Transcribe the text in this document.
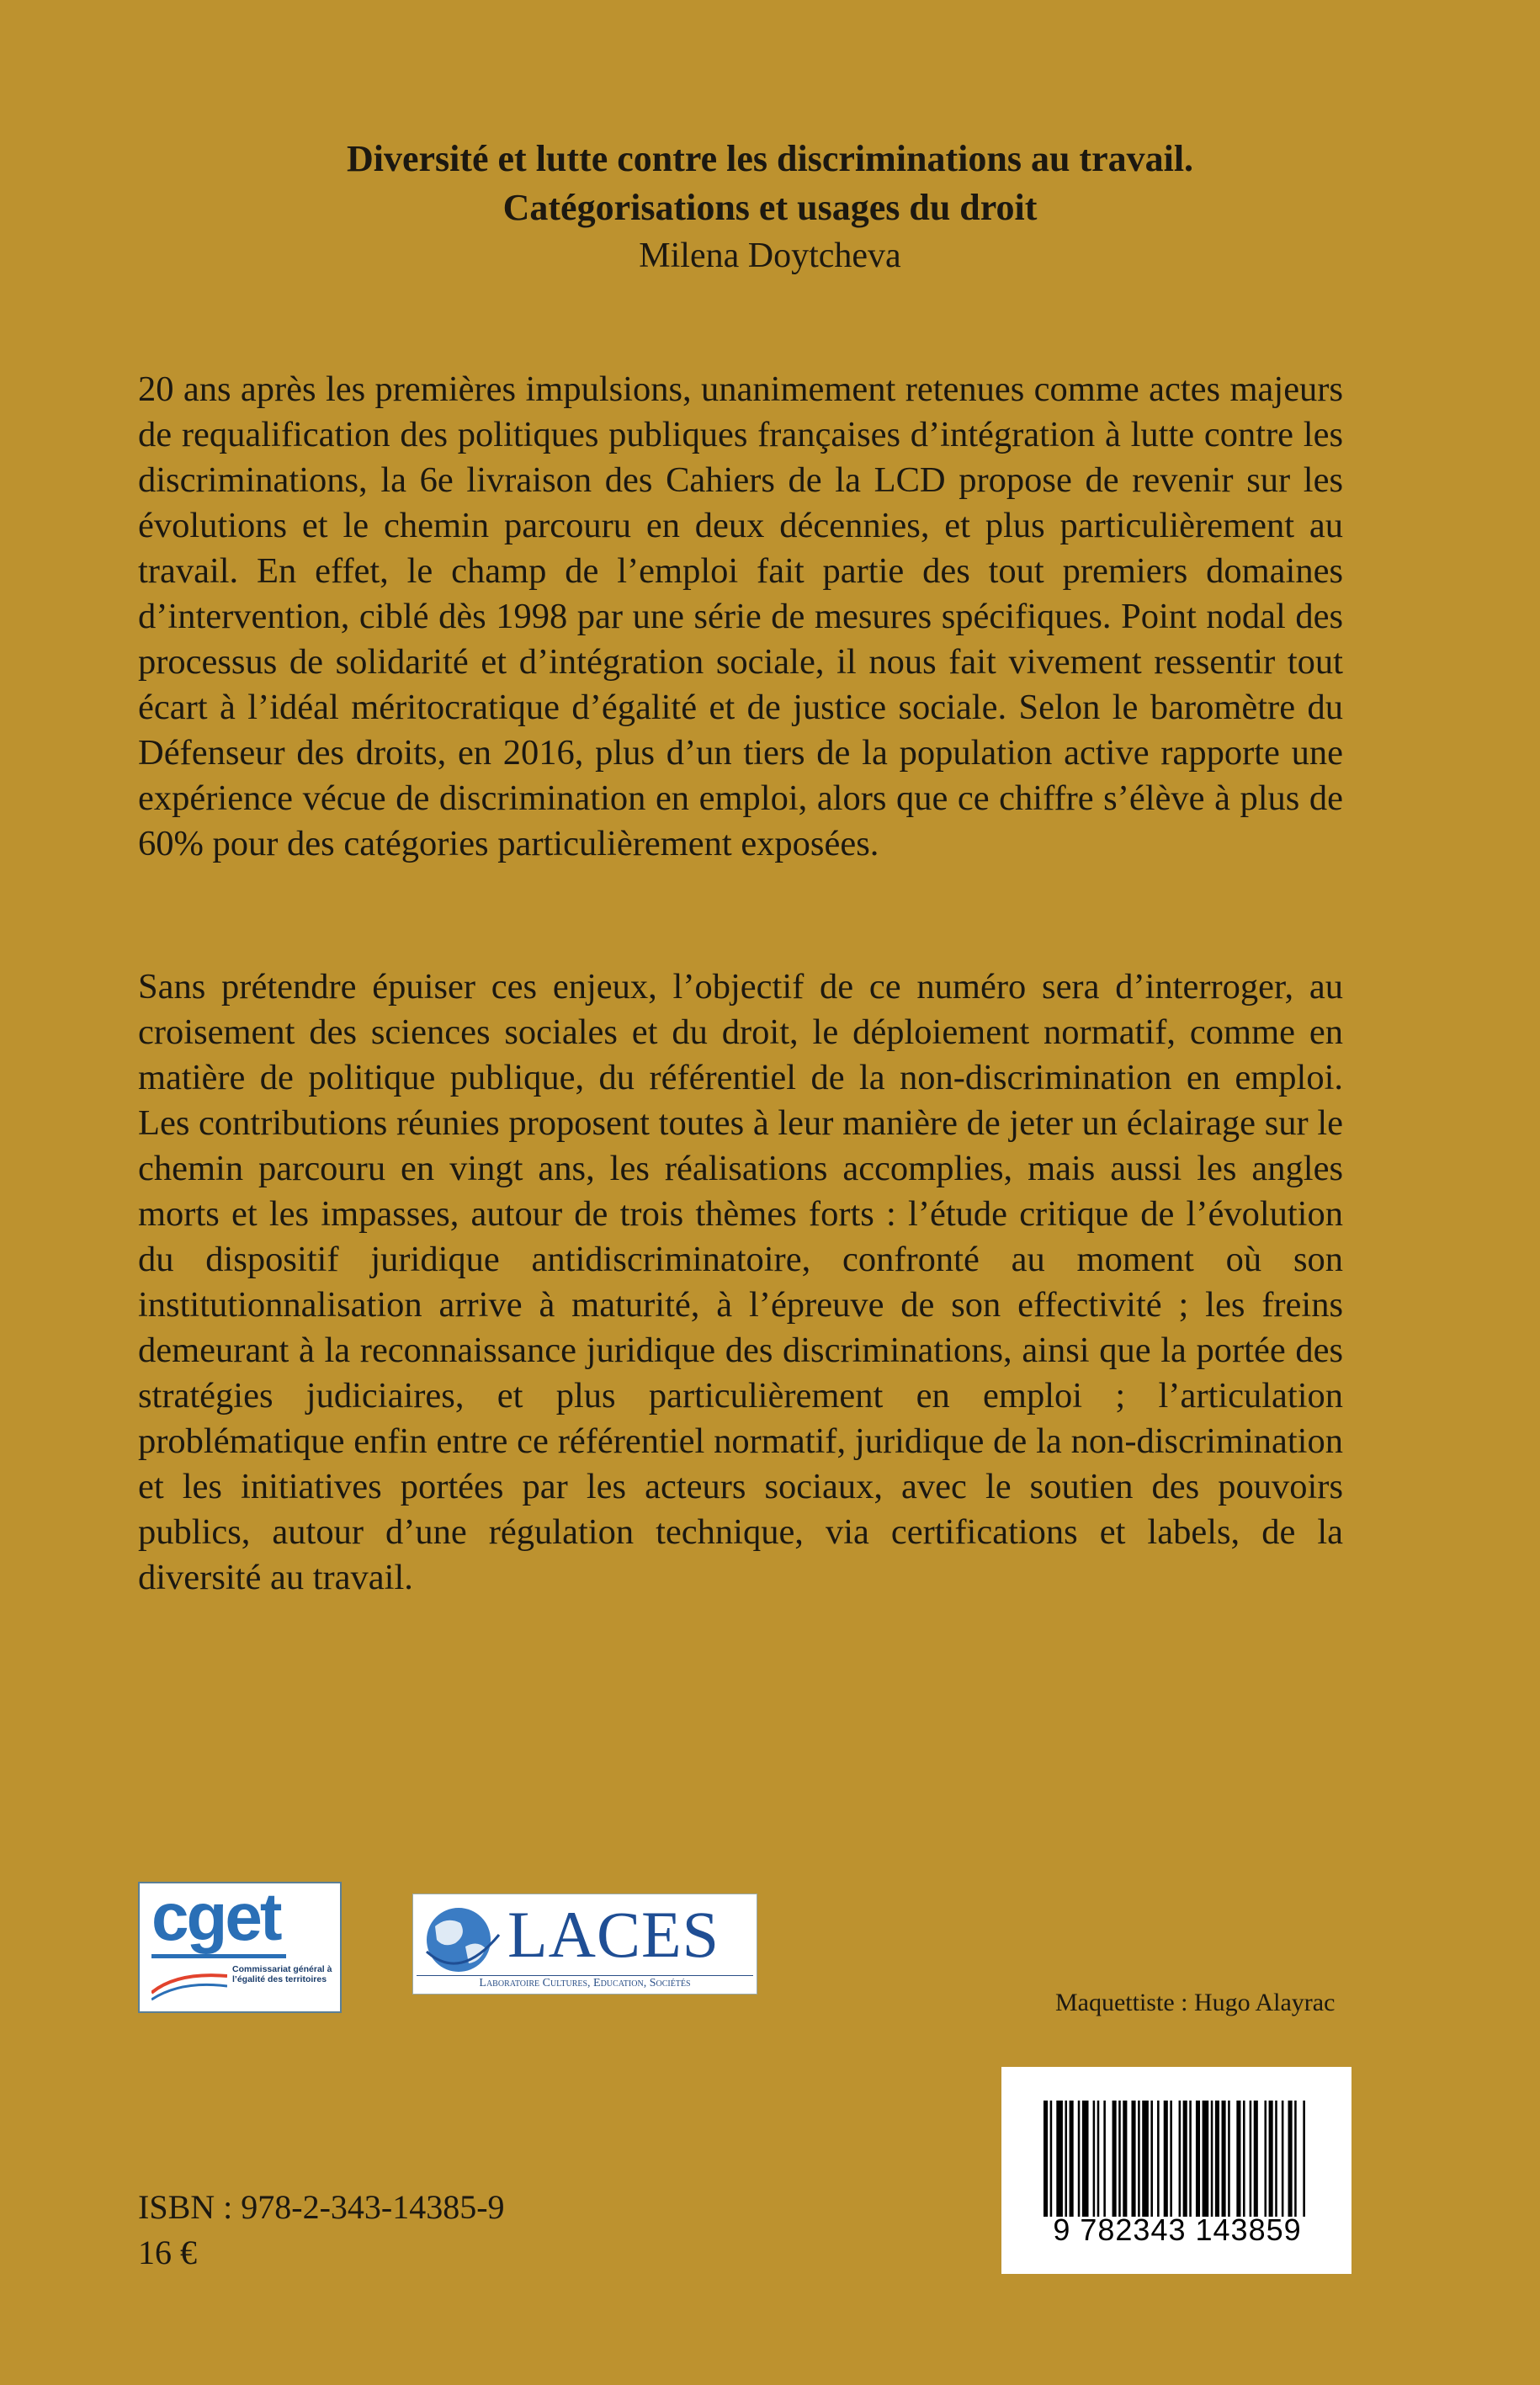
Diversité et lutte contre les discriminations au travail.

Catégorisations et usages du droit

Milena Doytcheva

20 ans après les premières impulsions, unanimement retenues comme actes majeurs de requalification des politiques publiques françaises d’intégration à lutte contre les discriminations, la 6e livraison des Cahiers de la LCD propose de revenir sur les évolutions et le chemin parcouru en deux décennies, et plus particulièrement au travail. En effet, le champ de l’emploi fait partie des tout premiers domaines d’intervention, ciblé dès 1998 par une série de mesures spécifiques. Point nodal des processus de solidarité et d’intégration sociale, il nous fait vivement ressentir tout écart à l’idéal méritocratique d’égalité et de justice sociale. Selon le baromètre du Défenseur des droits, en 2016, plus d’un tiers de la population active rapporte une expérience vécue de discrimination en emploi, alors que ce chiffre s’élève à plus de 60% pour des catégories particulièrement exposées.

Sans prétendre épuiser ces enjeux, l’objectif de ce numéro sera d’interroger, au croisement des sciences sociales et du droit, le déploiement normatif, comme en matière de politique publique, du référentiel de la non-discrimination en emploi. Les contributions réunies proposent toutes à leur manière de jeter un éclairage sur le chemin parcouru en vingt ans, les réalisations accomplies, mais aussi les angles morts et les impasses, autour de trois thèmes forts : l’étude critique de l’évolution du dispositif juridique antidiscriminatoire, confronté au moment où son institutionnalisation arrive à maturité, à l’épreuve de son effectivité ; les freins demeurant à la reconnaissance juridique des discriminations, ainsi que la portée des stratégies judiciaires, et plus particulièrement en emploi ; l’articulation problématique enfin entre ce référentiel normatif, juridique de la non-discrimination et les initiatives portées par les acteurs sociaux, avec le soutien des pouvoirs publics, autour d’une régulation technique, via certifications et labels, de la diversité au travail.

cget
Commissariat général à l’égalité des territoires
LACES
Laboratoire Cultures, Education, Sociétés
Maquettiste : Hugo Alayrac
9 782343 143859
ISBN : 978-2-343-14385-9
16 €
